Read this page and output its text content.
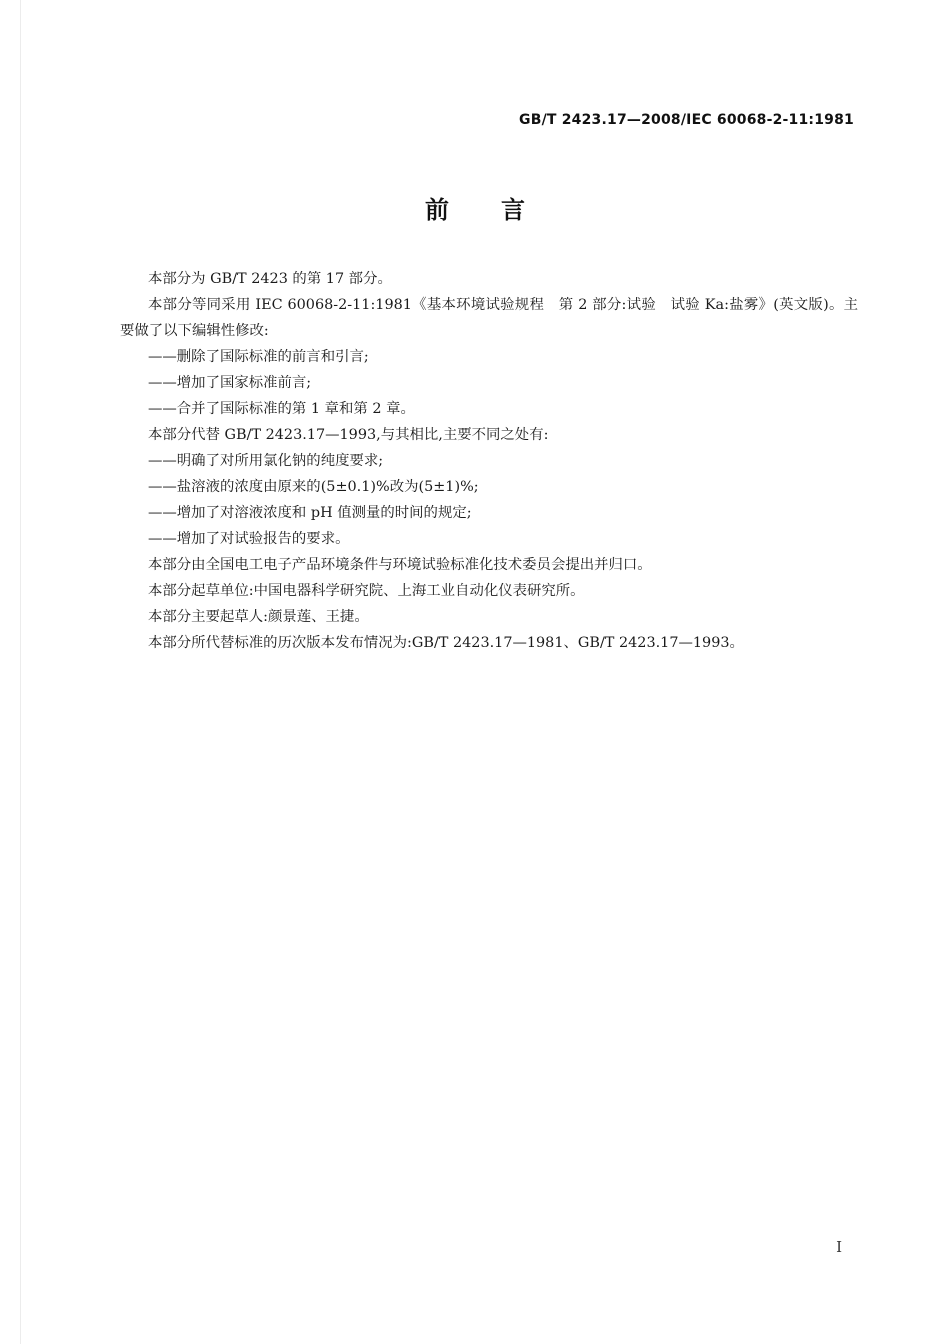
GB/T 2423.17—2008/IEC 60068-2-11:1981
前言

本部分为 GB/T 2423 的第 17 部分。

本部分等同采用 IEC 60068-2-11:1981《基本环境试验规程　第 2 部分:试验　试验 Ka:盐雾》(英文版)。主要做了以下编辑性修改:

——删除了国际标准的前言和引言;

——增加了国家标准前言;

——合并了国际标准的第 1 章和第 2 章。

本部分代替 GB/T 2423.17—1993,与其相比,主要不同之处有:

——明确了对所用氯化钠的纯度要求;

——盐溶液的浓度由原来的(5±0.1)%改为(5±1)%;

——增加了对溶液浓度和 pH 值测量的时间的规定;

——增加了对试验报告的要求。

本部分由全国电工电子产品环境条件与环境试验标准化技术委员会提出并归口。

本部分起草单位:中国电器科学研究院、上海工业自动化仪表研究所。

本部分主要起草人:颜景莲、王捷。

本部分所代替标准的历次版本发布情况为:GB/T 2423.17—1981、GB/T 2423.17—1993。

I
